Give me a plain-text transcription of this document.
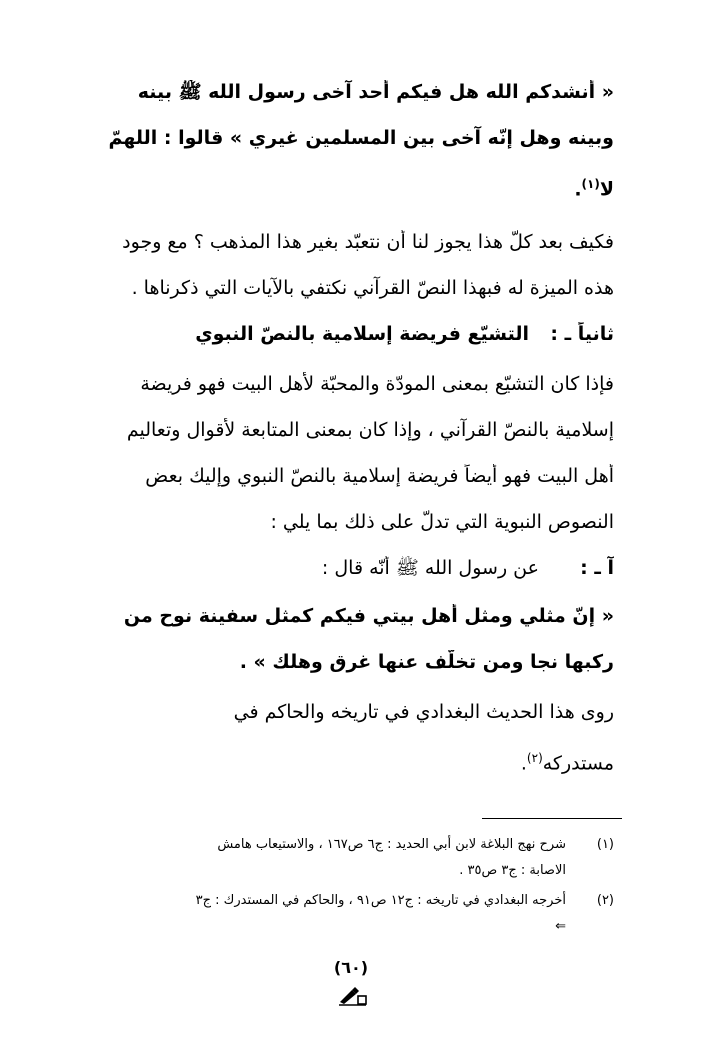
« أُنشدكم الله هل فيكم أحد آخى رسول الله ﷺ بينه
وبينه وهل إنّه آخى بين المسلمين غيري » قالوا : اللهمّ
لا$^{(١)}$.
فكيف بعد كلّ هذا يجوز لنا أن نتعبّد بغير هذا المذهب ؟ مع وجود
هذه الميزة له فبهذا النصّ القرآني نكتفي بالآيات التي ذكرناها .
ثانياً ـ :التشيّع فريضة إسلامية بالنصّ النبوي
فإذا كان التشيّع بمعنى المودّة والمحبّة لأهل البيت فهو فريضة
إسلامية بالنصّ القرآني ، وإذا كان بمعنى المتابعة لأقوال وتعاليم
أهل البيت فهو أيضاً فريضة إسلامية بالنصّ النبوي وإليك بعض
النصوص النبوية التي تدلّ على ذلك بما يلي :
آ ـ :عن رسول الله ﷺ أنّه قال :
« إنّ مثلي ومثل أهل بيتي فيكم كمثل سفينة نوح من
ركبها نجا ومن تخلّف عنها غرق وهلك » .
روى هذا الحديث البغدادي في تاريخه والحاكم في
مستدركه$^{(٢)}$.
(١)شرح نهج البلاغة لابن أبي الحديد : ج٦ ص١٦٧ ، والاستيعاب هامش
الاصابة : ج٣ ص٣٥ .
(٢)أخرجه البغدادي في تاريخه : ج١٢ ص٩١ ، والحاكم في المستدرك : ج٣
⇐
(٦٠)
